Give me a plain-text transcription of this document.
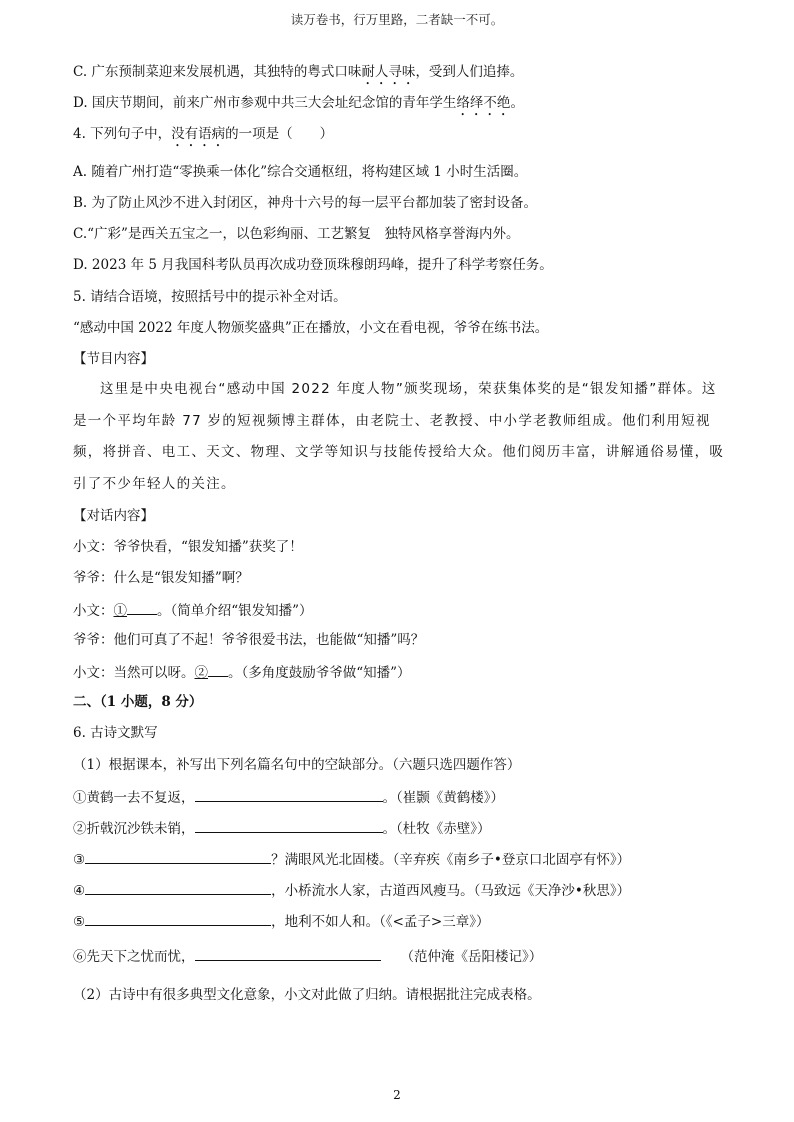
读万卷书，行万里路，二者缺一不可。
C. 广东预制菜迎来发展机遇，其独特的粤式口味耐人寻味，受到人们追捧。
D. 国庆节期间，前来广州市参观中共三大会址纪念馆的青年学生络绎不绝。
4. 下列句子中，没有语病的一项是（　　）
A. 随着广州打造“零换乘一体化”综合交通枢纽，将构建区域 1 小时生活圈。
B. 为了防止风沙不进入封闭区，神舟十六号的每一层平台都加装了密封设备。
C.“广彩”是西关五宝之一，以色彩绚丽、工艺繁复　独特风格享誉海内外。
D. 2023 年 5 月我国科考队员再次成功登顶珠穆朗玛峰，提升了科学考察任务。
5. 请结合语境，按照括号中的提示补全对话。
“感动中国 2022 年度人物颁奖盛典”正在播放，小文在看电视，爷爷在练书法。
【节目内容】
这里是中央电视台“感动中国 2022 年度人物”颁奖现场，荣获集体奖的是“银发知播”群体。这是一个平均年龄 77 岁的短视频博主群体，由老院士、老教授、中小学老教师组成。他们利用短视频，将拼音、电工、天文、物理、文学等知识与技能传授给大众。他们阅历丰富，讲解通俗易懂，吸引了不少年轻人的关注。
【对话内容】
小文：爷爷快看，“银发知播”获奖了！
爷爷：什么是“银发知播”啊？
小文：① 。（简单介绍“银发知播”）
爷爷：他们可真了不起！爷爷很爱书法，也能做“知播”吗？
小文：当然可以呀。② 。（多角度鼓励爷爷做“知播”）
二、（1 小题，8 分）
6. 古诗文默写
（1）根据课本，补写出下列名篇名句中的空缺部分。（六题只选四题作答）
①黄鹤一去不复返，	。（崔颢《黄鹤楼》）
②折戟沉沙铁未销，	。（杜牧《赤壁》）
③	？满眼风光北固楼。（辛弃疾《南乡子•登京口北固亭有怀》）
④	，小桥流水人家，古道西风瘦马。（马致远《天净沙•秋思》）
⑤	，地利不如人和。（《<孟子>三章》）
⑥先天下之忧而忧，	（范仲淹《岳阳楼记》）
（2）古诗中有很多典型文化意象，小文对此做了归纳。请根据批注完成表格。
2
